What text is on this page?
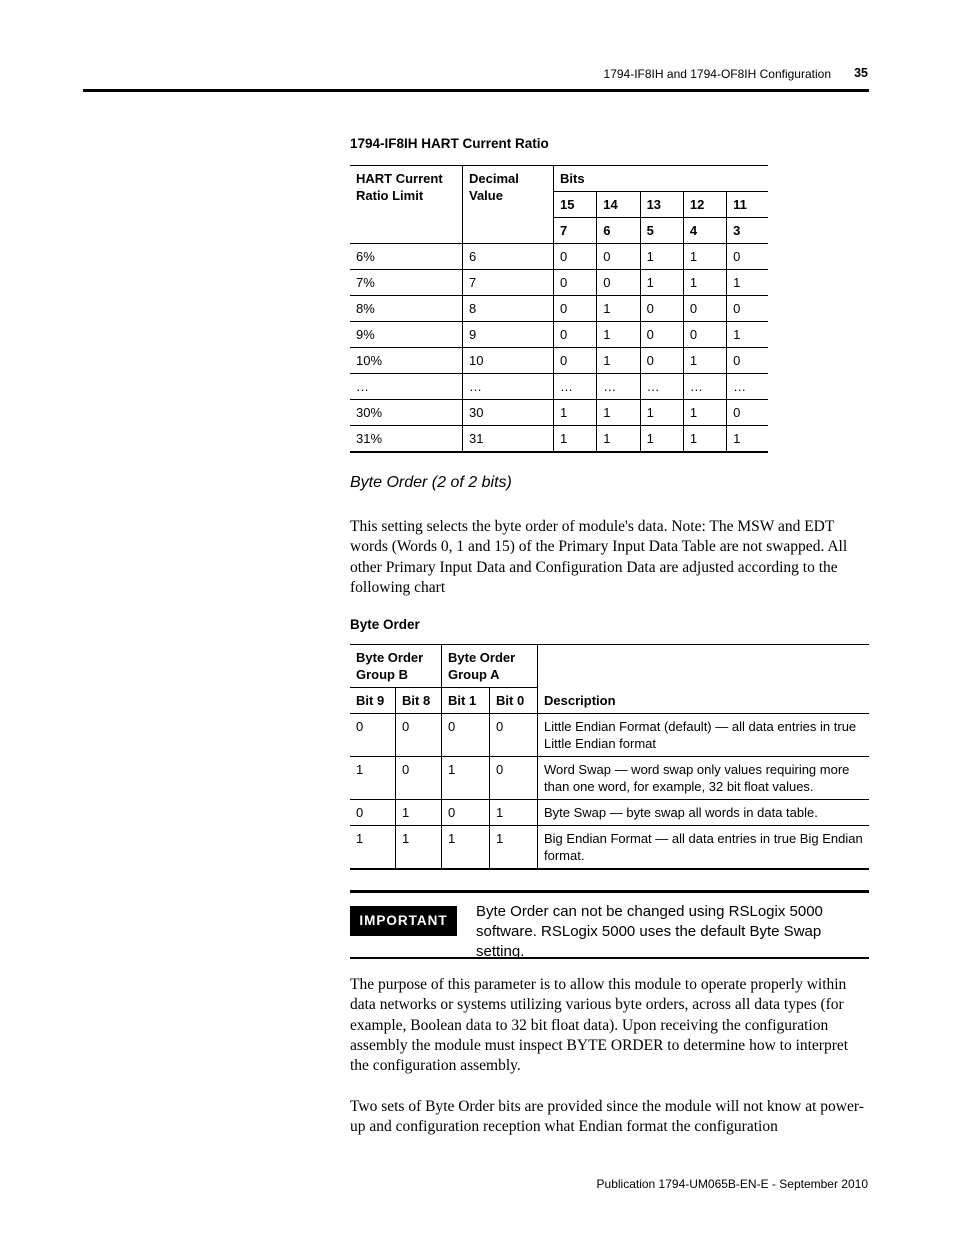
1794-IF8IH and 1794-OF8IH Configuration 35
1794-IF8IH HART Current Ratio
HART Current Ratio Limit	Decimal Value	Bits				
		15	14	13	12	11
		7	6	5	4	3
6%	6	0	0	1	1	0
7%	7	0	0	1	1	1
8%	8	0	1	0	0	0
9%	9	0	1	0	0	1
10%	10	0	1	0	1	0
…	…	…	…	…	…	…
30%	30	1	1	1	1	0
31%	31	1	1	1	1	1
Byte Order (2 of 2 bits)
This setting selects the byte order of module's data. Note: The MSW and EDT words (Words 0, 1 and 15) of the Primary Input Data Table are not swapped. All other Primary Input Data and Configuration Data are adjusted according to the following chart
Byte Order
Byte Order Group B		Byte Order Group A		Description
Bit 9	Bit 8	Bit 1	Bit 0	
0	0	0	0	Little Endian Format (default) — all data entries in true Little Endian format
1	0	1	0	Word Swap — word swap only values requiring more than one word, for example, 32 bit float values.
0	1	0	1	Byte Swap — byte swap all words in data table.
1	1	1	1	Big Endian Format — all data entries in true Big Endian format.
IMPORTANT
Byte Order can not be changed using RSLogix 5000 software. RSLogix 5000 uses the default Byte Swap setting.
The purpose of this parameter is to allow this module to operate properly within data networks or systems utilizing various byte orders, across all data types (for example, Boolean data to 32 bit float data). Upon receiving the configuration assembly the module must inspect BYTE ORDER to determine how to interpret the configuration assembly.
Two sets of Byte Order bits are provided since the module will not know at power-up and configuration reception what Endian format the configuration
Publication 1794-UM065B-EN-E - September 2010
